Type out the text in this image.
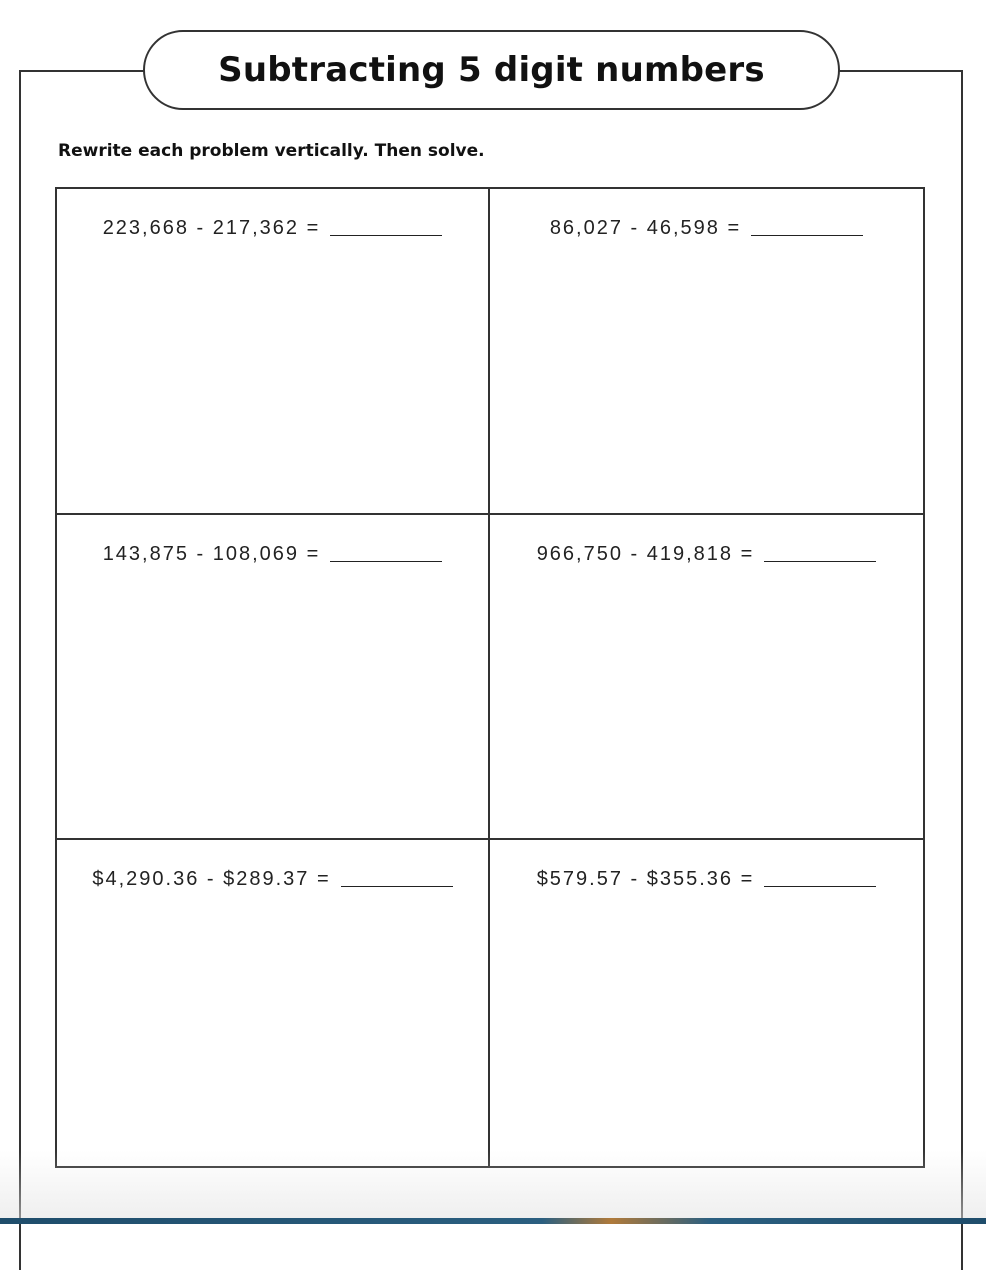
Subtracting 5 digit numbers

Rewrite each problem vertically. Then solve.

223,668 - 217,362 =	86,027 - 46,598 =
143,875 - 108,069 =	966,750 - 419,818 =
$4,290.36 - $289.37 =	$579.57 - $355.36 =
